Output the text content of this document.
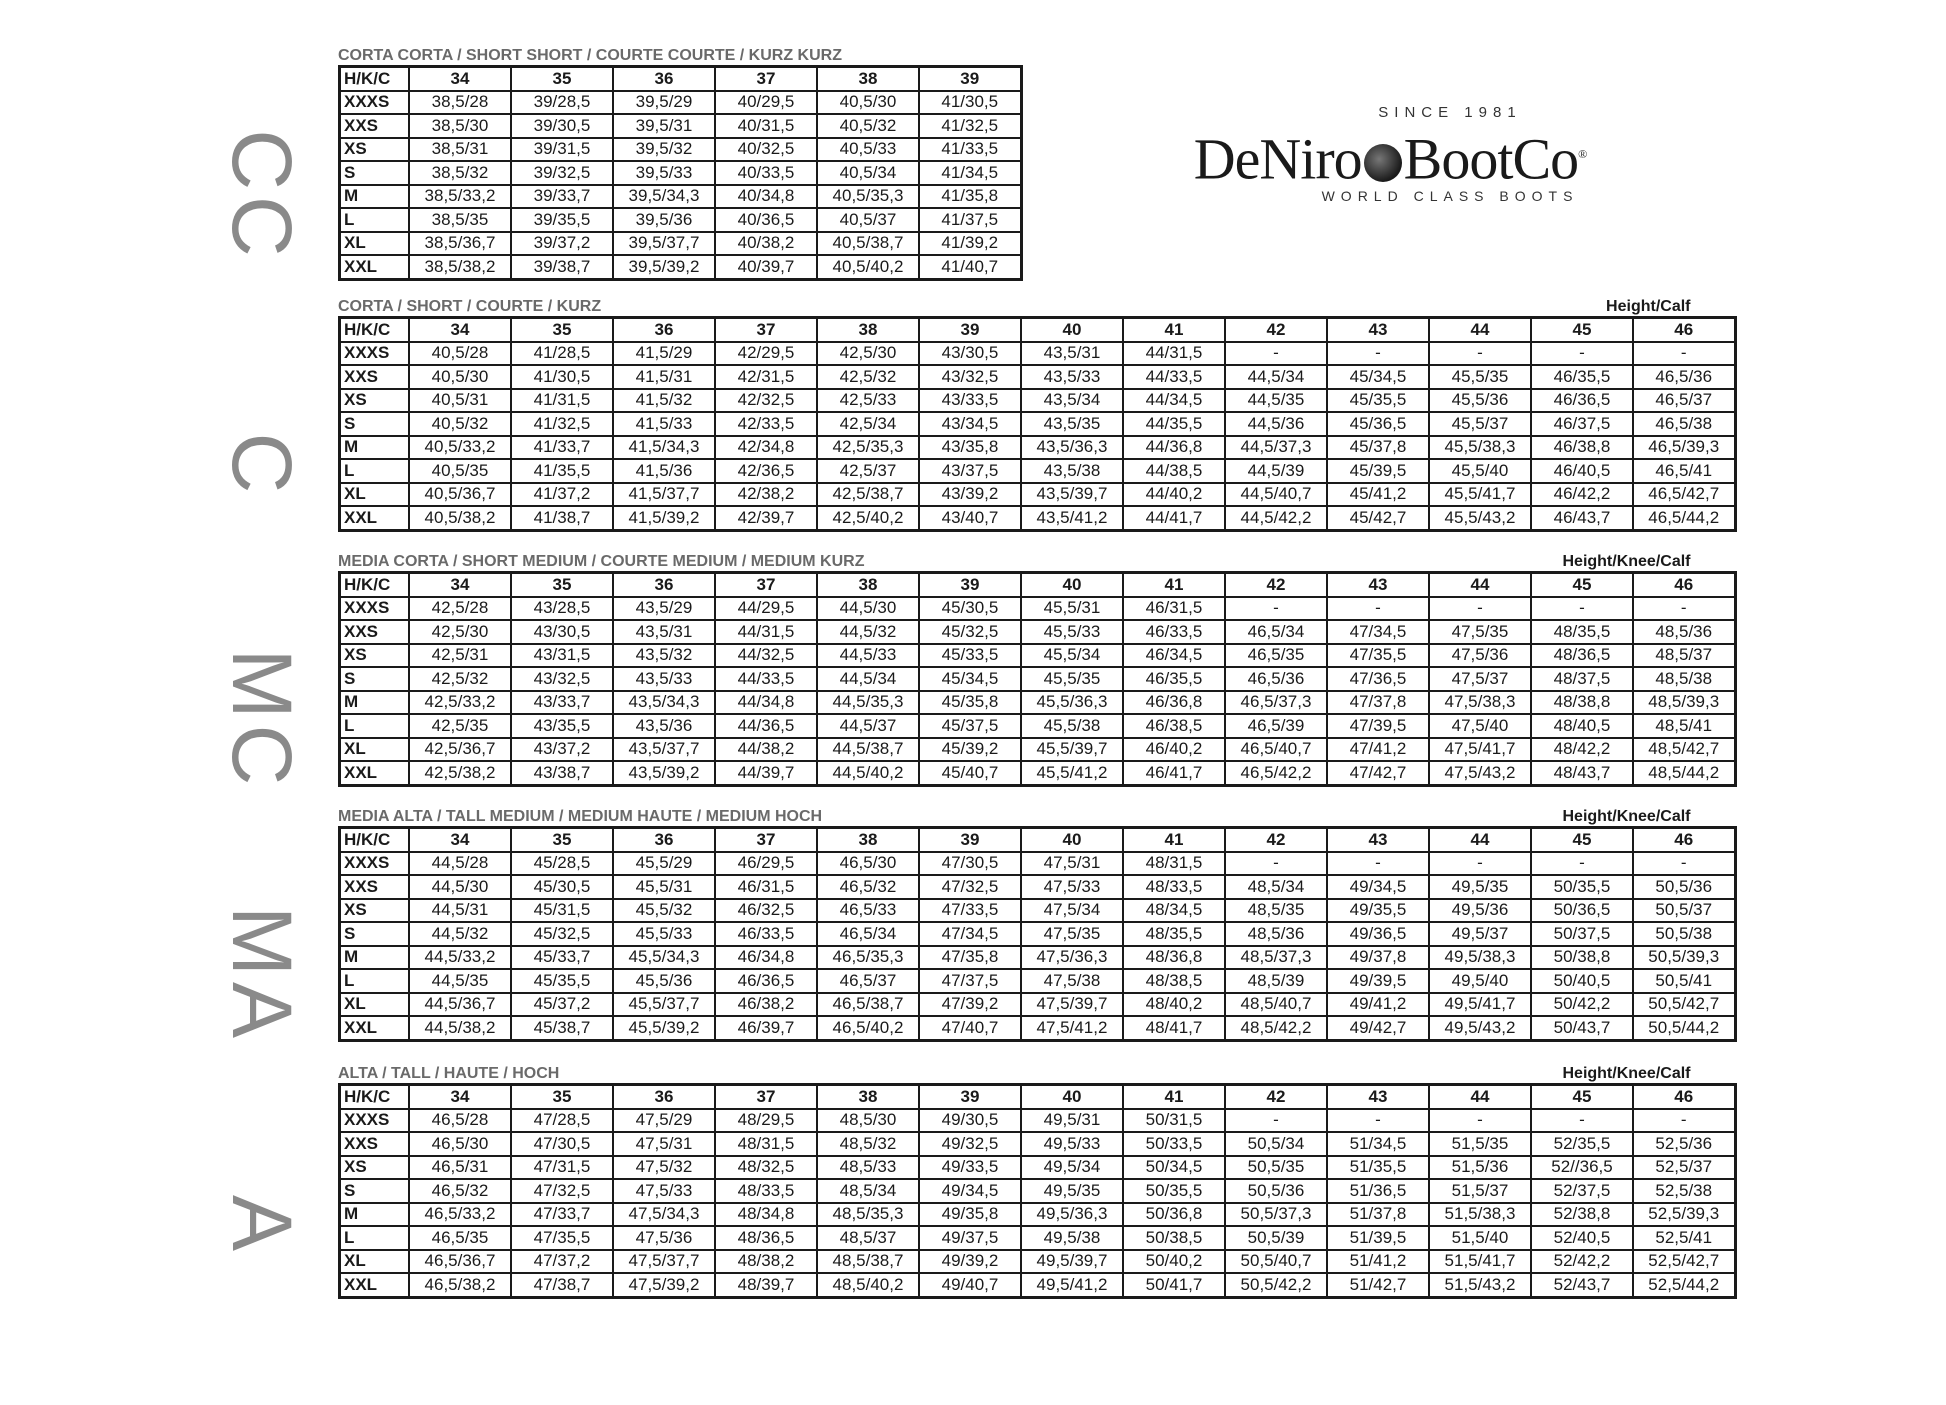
SINCE 1981
DeNiro BootCo®
WORLD CLASS BOOTS
CC
C
MC
MA
A
CORTA CORTA / SHORT SHORT / COURTE COURTE / KURZ KURZ
H/K/C	34	35	36	37	38	39
XXXS	38,5/28	39/28,5	39,5/29	40/29,5	40,5/30	41/30,5
XXS	38,5/30	39/30,5	39,5/31	40/31,5	40,5/32	41/32,5
XS	38,5/31	39/31,5	39,5/32	40/32,5	40,5/33	41/33,5
S	38,5/32	39/32,5	39,5/33	40/33,5	40,5/34	41/34,5
M	38,5/33,2	39/33,7	39,5/34,3	40/34,8	40,5/35,3	41/35,8
L	38,5/35	39/35,5	39,5/36	40/36,5	40,5/37	41/37,5
XL	38,5/36,7	39/37,2	39,5/37,7	40/38,2	40,5/38,7	41/39,2
XXL	38,5/38,2	39/38,7	39,5/39,2	40/39,7	40,5/40,2	41/40,7
CORTA / SHORT / COURTE / KURZ	Height/Calf
H/K/C	34	35	36	37	38	39	40	41	42	43	44	45	46
XXXS	40,5/28	41/28,5	41,5/29	42/29,5	42,5/30	43/30,5	43,5/31	44/31,5	-	-	-	-	-
XXS	40,5/30	41/30,5	41,5/31	42/31,5	42,5/32	43/32,5	43,5/33	44/33,5	44,5/34	45/34,5	45,5/35	46/35,5	46,5/36
XS	40,5/31	41/31,5	41,5/32	42/32,5	42,5/33	43/33,5	43,5/34	44/34,5	44,5/35	45/35,5	45,5/36	46/36,5	46,5/37
S	40,5/32	41/32,5	41,5/33	42/33,5	42,5/34	43/34,5	43,5/35	44/35,5	44,5/36	45/36,5	45,5/37	46/37,5	46,5/38
M	40,5/33,2	41/33,7	41,5/34,3	42/34,8	42,5/35,3	43/35,8	43,5/36,3	44/36,8	44,5/37,3	45/37,8	45,5/38,3	46/38,8	46,5/39,3
L	40,5/35	41/35,5	41,5/36	42/36,5	42,5/37	43/37,5	43,5/38	44/38,5	44,5/39	45/39,5	45,5/40	46/40,5	46,5/41
XL	40,5/36,7	41/37,2	41,5/37,7	42/38,2	42,5/38,7	43/39,2	43,5/39,7	44/40,2	44,5/40,7	45/41,2	45,5/41,7	46/42,2	46,5/42,7
XXL	40,5/38,2	41/38,7	41,5/39,2	42/39,7	42,5/40,2	43/40,7	43,5/41,2	44/41,7	44,5/42,2	45/42,7	45,5/43,2	46/43,7	46,5/44,2
MEDIA CORTA / SHORT MEDIUM / COURTE MEDIUM / MEDIUM KURZ	Height/Knee/Calf
H/K/C	34	35	36	37	38	39	40	41	42	43	44	45	46
XXXS	42,5/28	43/28,5	43,5/29	44/29,5	44,5/30	45/30,5	45,5/31	46/31,5	-	-	-	-	-
XXS	42,5/30	43/30,5	43,5/31	44/31,5	44,5/32	45/32,5	45,5/33	46/33,5	46,5/34	47/34,5	47,5/35	48/35,5	48,5/36
XS	42,5/31	43/31,5	43,5/32	44/32,5	44,5/33	45/33,5	45,5/34	46/34,5	46,5/35	47/35,5	47,5/36	48/36,5	48,5/37
S	42,5/32	43/32,5	43,5/33	44/33,5	44,5/34	45/34,5	45,5/35	46/35,5	46,5/36	47/36,5	47,5/37	48/37,5	48,5/38
M	42,5/33,2	43/33,7	43,5/34,3	44/34,8	44,5/35,3	45/35,8	45,5/36,3	46/36,8	46,5/37,3	47/37,8	47,5/38,3	48/38,8	48,5/39,3
L	42,5/35	43/35,5	43,5/36	44/36,5	44,5/37	45/37,5	45,5/38	46/38,5	46,5/39	47/39,5	47,5/40	48/40,5	48,5/41
XL	42,5/36,7	43/37,2	43,5/37,7	44/38,2	44,5/38,7	45/39,2	45,5/39,7	46/40,2	46,5/40,7	47/41,2	47,5/41,7	48/42,2	48,5/42,7
XXL	42,5/38,2	43/38,7	43,5/39,2	44/39,7	44,5/40,2	45/40,7	45,5/41,2	46/41,7	46,5/42,2	47/42,7	47,5/43,2	48/43,7	48,5/44,2
MEDIA ALTA / TALL MEDIUM / MEDIUM HAUTE / MEDIUM HOCH	Height/Knee/Calf
H/K/C	34	35	36	37	38	39	40	41	42	43	44	45	46
XXXS	44,5/28	45/28,5	45,5/29	46/29,5	46,5/30	47/30,5	47,5/31	48/31,5	-	-	-	-	-
XXS	44,5/30	45/30,5	45,5/31	46/31,5	46,5/32	47/32,5	47,5/33	48/33,5	48,5/34	49/34,5	49,5/35	50/35,5	50,5/36
XS	44,5/31	45/31,5	45,5/32	46/32,5	46,5/33	47/33,5	47,5/34	48/34,5	48,5/35	49/35,5	49,5/36	50/36,5	50,5/37
S	44,5/32	45/32,5	45,5/33	46/33,5	46,5/34	47/34,5	47,5/35	48/35,5	48,5/36	49/36,5	49,5/37	50/37,5	50,5/38
M	44,5/33,2	45/33,7	45,5/34,3	46/34,8	46,5/35,3	47/35,8	47,5/36,3	48/36,8	48,5/37,3	49/37,8	49,5/38,3	50/38,8	50,5/39,3
L	44,5/35	45/35,5	45,5/36	46/36,5	46,5/37	47/37,5	47,5/38	48/38,5	48,5/39	49/39,5	49,5/40	50/40,5	50,5/41
XL	44,5/36,7	45/37,2	45,5/37,7	46/38,2	46,5/38,7	47/39,2	47,5/39,7	48/40,2	48,5/40,7	49/41,2	49,5/41,7	50/42,2	50,5/42,7
XXL	44,5/38,2	45/38,7	45,5/39,2	46/39,7	46,5/40,2	47/40,7	47,5/41,2	48/41,7	48,5/42,2	49/42,7	49,5/43,2	50/43,7	50,5/44,2
ALTA / TALL / HAUTE / HOCH	Height/Knee/Calf
H/K/C	34	35	36	37	38	39	40	41	42	43	44	45	46
XXXS	46,5/28	47/28,5	47,5/29	48/29,5	48,5/30	49/30,5	49,5/31	50/31,5	-	-	-	-	-
XXS	46,5/30	47/30,5	47,5/31	48/31,5	48,5/32	49/32,5	49,5/33	50/33,5	50,5/34	51/34,5	51,5/35	52/35,5	52,5/36
XS	46,5/31	47/31,5	47,5/32	48/32,5	48,5/33	49/33,5	49,5/34	50/34,5	50,5/35	51/35,5	51,5/36	52//36,5	52,5/37
S	46,5/32	47/32,5	47,5/33	48/33,5	48,5/34	49/34,5	49,5/35	50/35,5	50,5/36	51/36,5	51,5/37	52/37,5	52,5/38
M	46,5/33,2	47/33,7	47,5/34,3	48/34,8	48,5/35,3	49/35,8	49,5/36,3	50/36,8	50,5/37,3	51/37,8	51,5/38,3	52/38,8	52,5/39,3
L	46,5/35	47/35,5	47,5/36	48/36,5	48,5/37	49/37,5	49,5/38	50/38,5	50,5/39	51/39,5	51,5/40	52/40,5	52,5/41
XL	46,5/36,7	47/37,2	47,5/37,7	48/38,2	48,5/38,7	49/39,2	49,5/39,7	50/40,2	50,5/40,7	51/41,2	51,5/41,7	52/42,2	52,5/42,7
XXL	46,5/38,2	47/38,7	47,5/39,2	48/39,7	48,5/40,2	49/40,7	49,5/41,2	50/41,7	50,5/42,2	51/42,7	51,5/43,2	52/43,7	52,5/44,2
